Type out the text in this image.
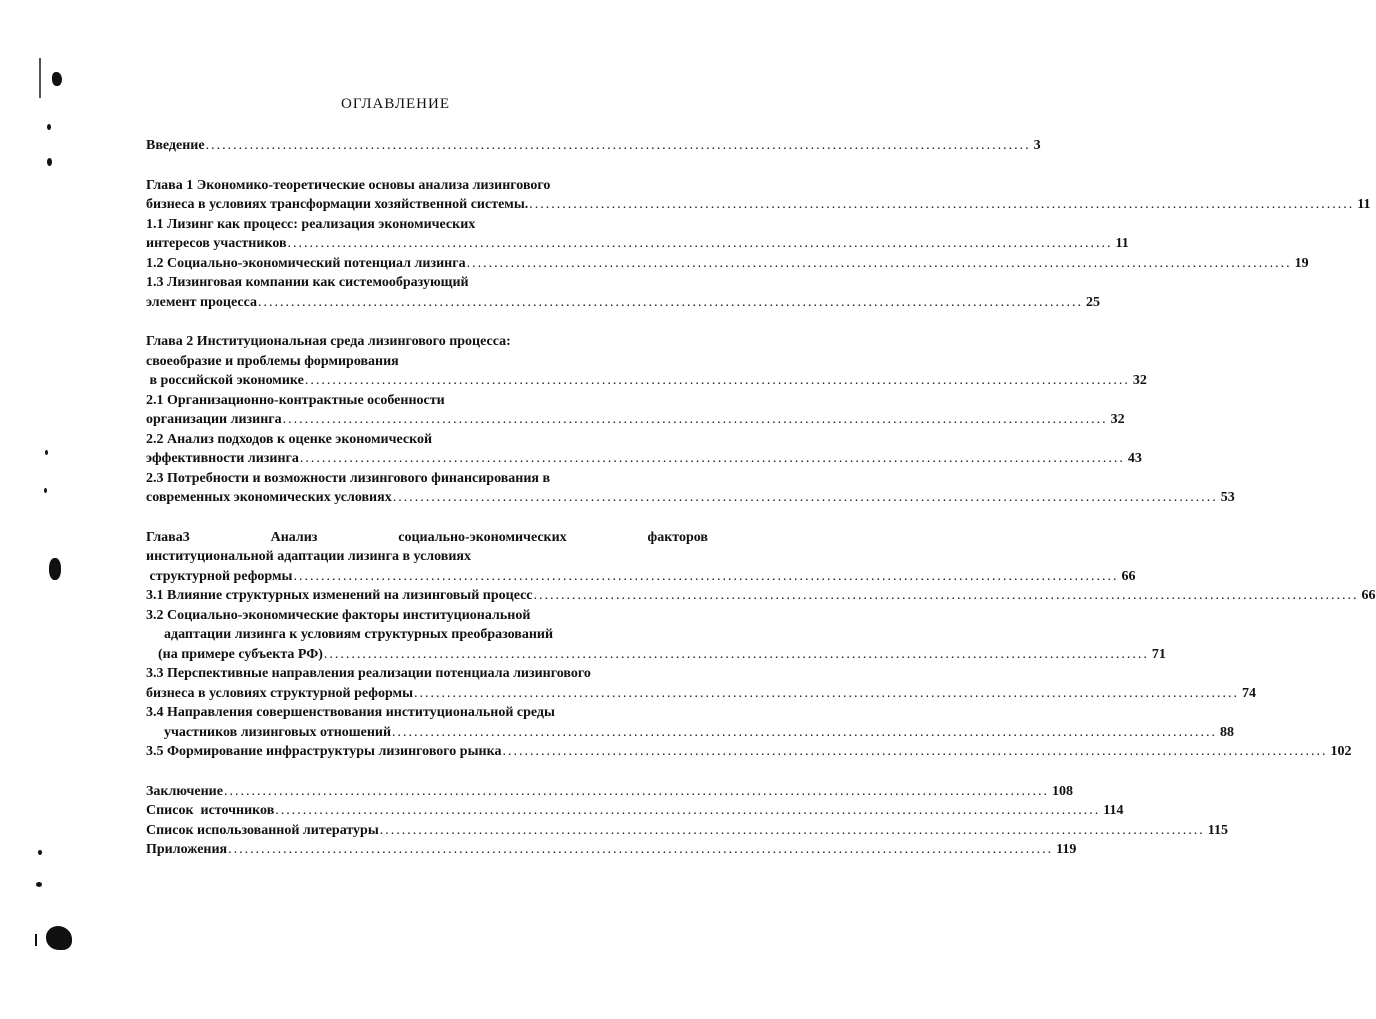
ОГЛАВЛЕНИЕ
Введение .....	3
Глава 1 Экономико-теоретические основы анализа лизингового
бизнеса в условиях трансформации хозяйственной системы. .....	11
1.1 Лизинг как процесс: реализация экономических
интересов участников .....	11
1.2 Социально-экономический потенциал лизинга .....	19
1.3 Лизинговая компании как системообразующий
элемент процесса .....	25
Глава 2 Институциональная среда лизингового процесса:
своеобразие и проблемы формирования
в российской экономике .....	32
2.1 Организационно-контрактные особенности
организации лизинга .....	32
2.2 Анализ подходов к оценке экономической
эффективности лизинга .....	43
2.3 Потребности и возможности лизингового финансирования в
современных экономических условиях .....	53
Глава3	Анализ	социально-экономических	факторов
институциональной адаптации лизинга в условиях
структурной реформы .....	66
3.1 Влияние структурных изменений на лизинговый процесс .....	66
3.2 Социально-экономические факторы институциональной
адаптации лизинга к условиям структурных преобразований
(на примере субъекта РФ) .....	71
3.3 Перспективные направления реализации потенциала лизингового
бизнеса в условиях структурной реформы .....	74
3.4 Направления совершенствования институциональной среды
участников лизинговых отношений .....	88
3.5 Формирование инфраструктуры лизингового рынка .....	102
Заключение .....	108
Список  источников .....	114
Список использованной литературы .....	115
Приложения .....	119
